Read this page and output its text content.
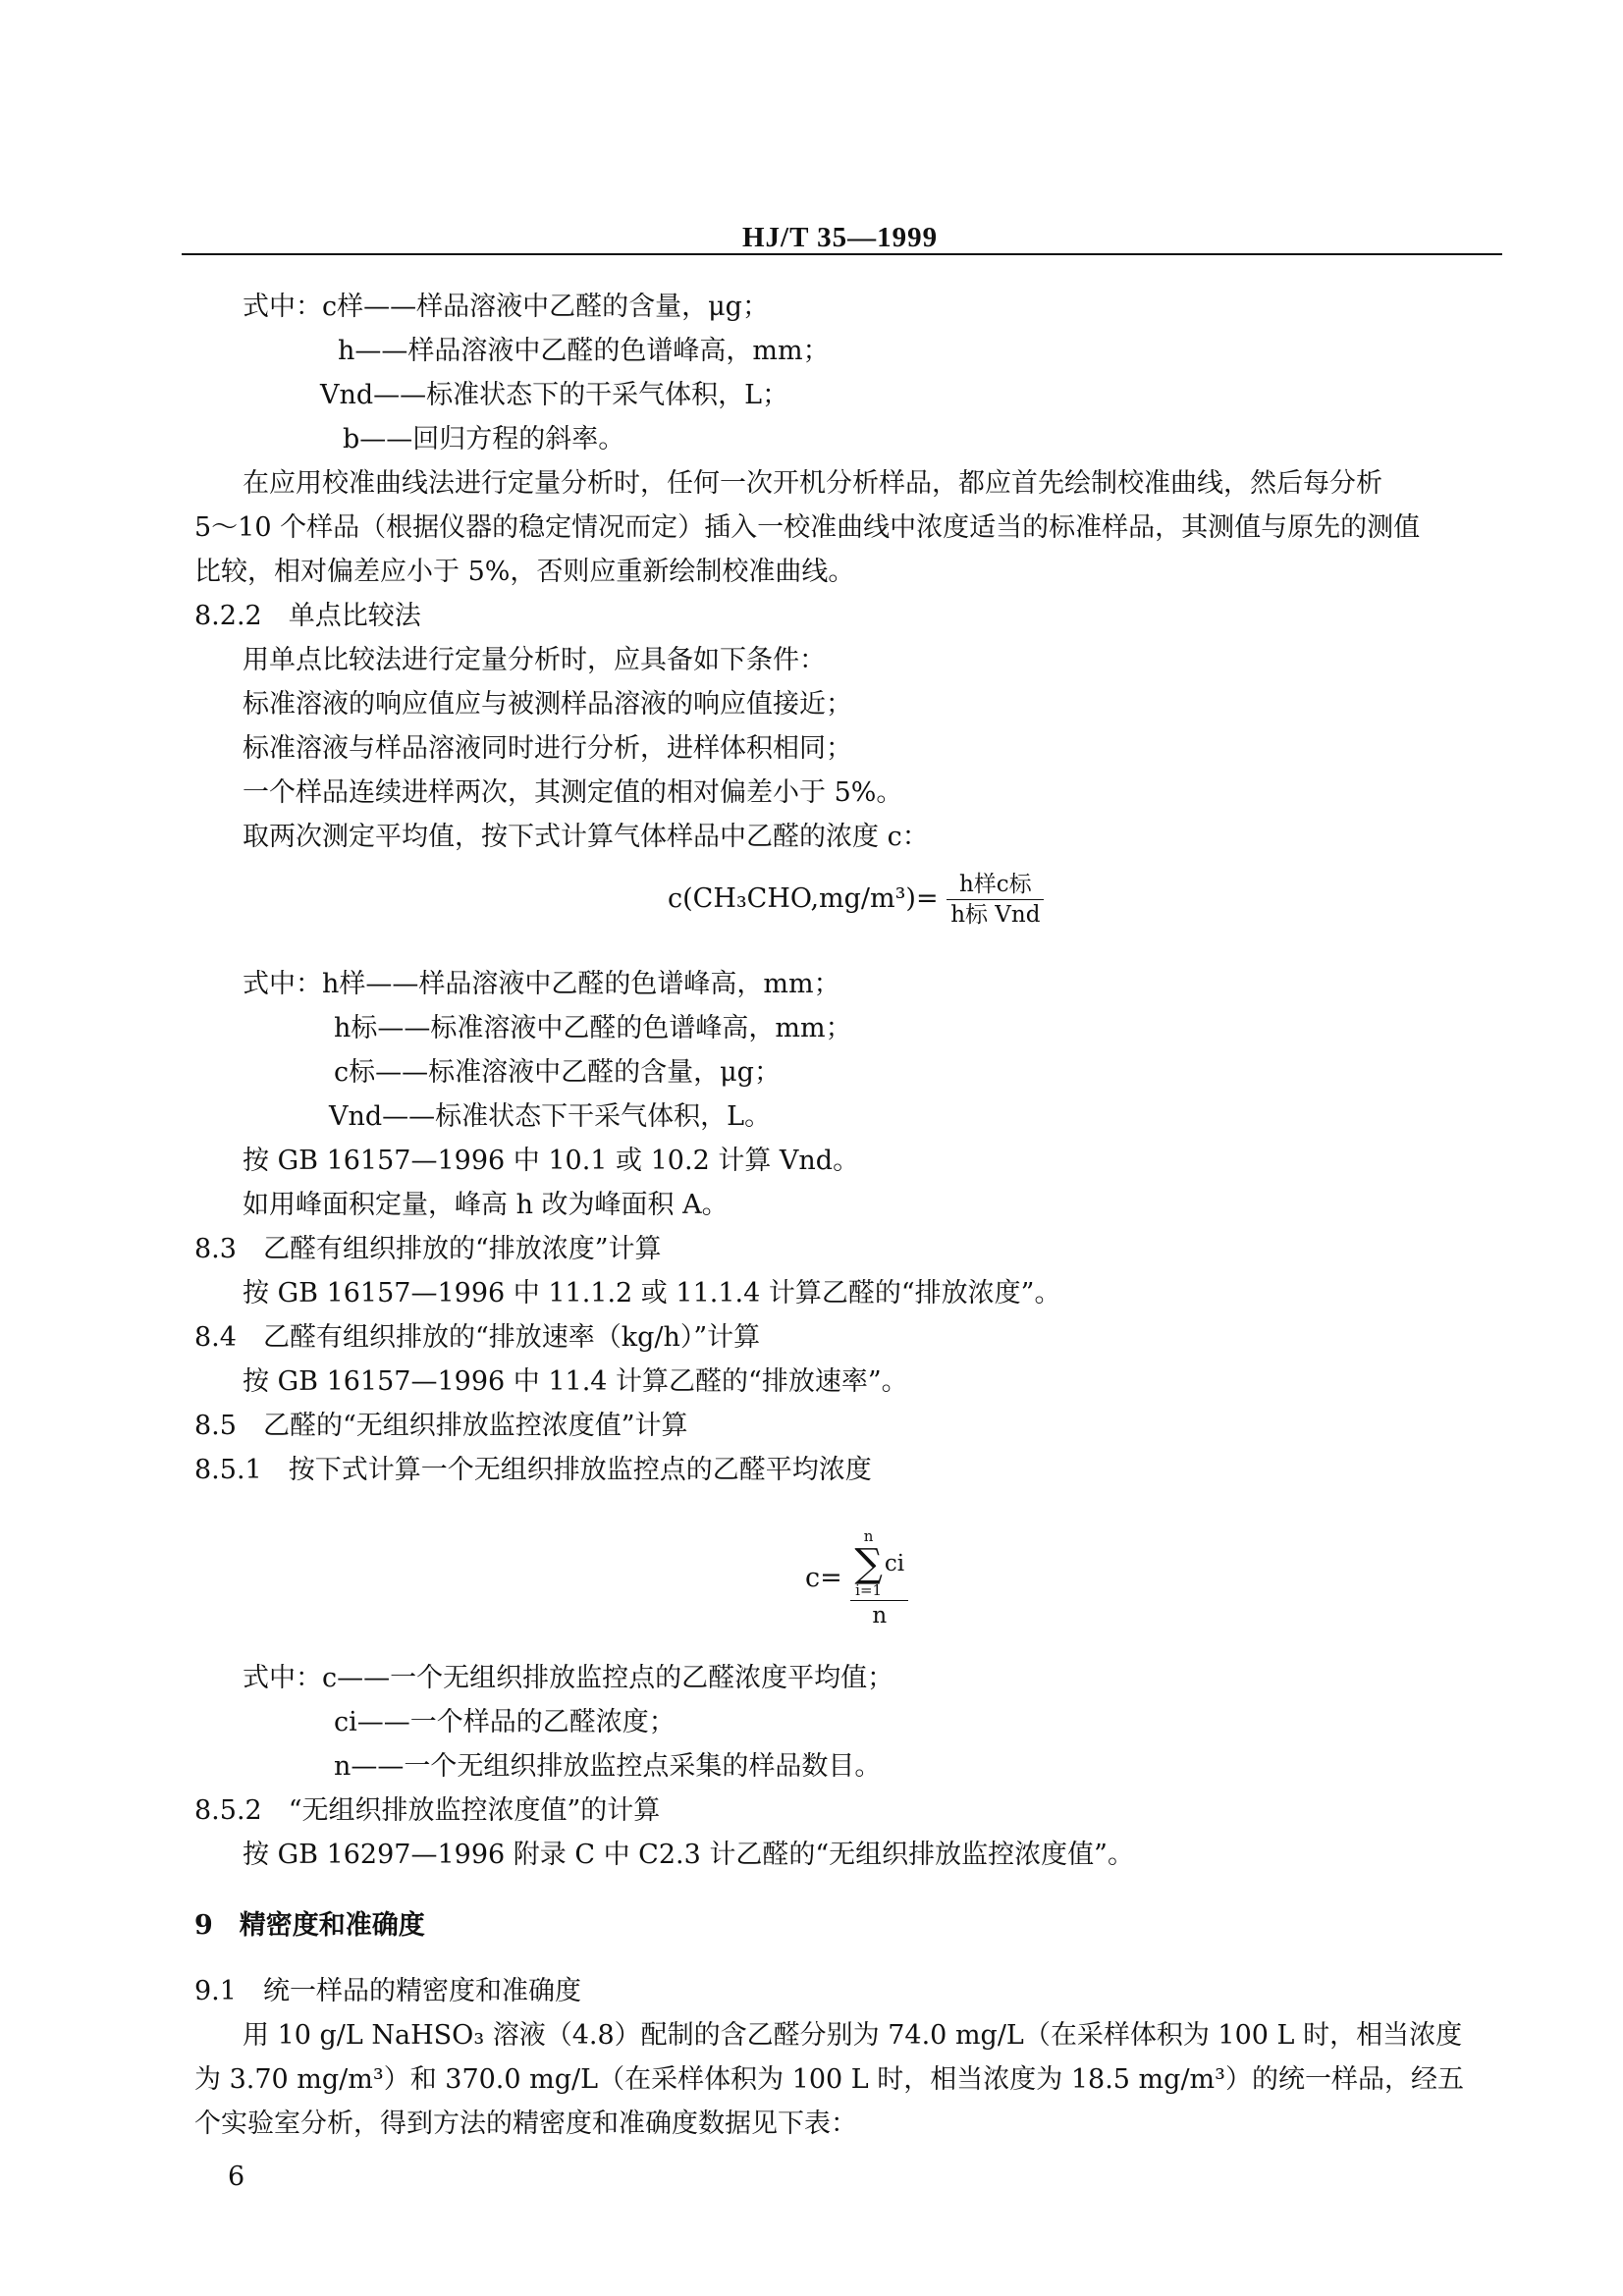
HJ/T 35—1999
式中：c样——样品溶液中乙醛的含量，μg；
h——样品溶液中乙醛的色谱峰高，mm；
Vnd——标准状态下的干采气体积，L；
b——回归方程的斜率。
在应用校准曲线法进行定量分析时，任何一次开机分析样品，都应首先绘制校准曲线，然后每分析
5～10 个样品（根据仪器的稳定情况而定）插入一校准曲线中浓度适当的标准样品，其测值与原先的测值
比较，相对偏差应小于 5%，否则应重新绘制校准曲线。
8.2.2　单点比较法
用单点比较法进行定量分析时，应具备如下条件：
标准溶液的响应值应与被测样品溶液的响应值接近；
标准溶液与样品溶液同时进行分析，进样体积相同；
一个样品连续进样两次，其测定值的相对偏差小于 5%。
取两次测定平均值，按下式计算气体样品中乙醛的浓度 c：
$c(CH_3CHO,mg/m^3)= \frac{\text{h样c标}}{\text{h标 Vnd}}$
式中：h样——样品溶液中乙醛的色谱峰高，mm；
h标——标准溶液中乙醛的色谱峰高，mm；
c标——标准溶液中乙醛的含量，μg；
Vnd——标准状态下干采气体积，L。
按 GB 16157—1996 中 10.1 或 10.2 计算 Vnd。
如用峰面积定量，峰高 h 改为峰面积 A。
8.3　乙醛有组织排放的“排放浓度”计算
按 GB 16157—1996 中 11.1.2 或 11.1.4 计算乙醛的“排放浓度”。
8.4　乙醛有组织排放的“排放速率（kg/h）”计算
按 GB 16157—1996 中 11.4 计算乙醛的“排放速率”。
8.5　乙醛的“无组织排放监控浓度值”计算
8.5.1　按下式计算一个无组织排放监控点的乙醛平均浓度
c= n
∑
i=1
ci
n
式中：c——一个无组织排放监控点的乙醛浓度平均值；
ci——一个样品的乙醛浓度；
n——一个无组织排放监控点采集的样品数目。
8.5.2　“无组织排放监控浓度值”的计算
按 GB 16297—1996 附录 C 中 C2.3 计乙醛的“无组织排放监控浓度值”。
9　精密度和准确度
9.1　统一样品的精密度和准确度
用 10 g/L NaHSO₃ 溶液（4.8）配制的含乙醛分别为 74.0 mg/L（在采样体积为 100 L 时，相当浓度
为 3.70 mg/m³）和 370.0 mg/L（在采样体积为 100 L 时，相当浓度为 18.5 mg/m³）的统一样品，经五
个实验室分析，得到方法的精密度和准确度数据见下表：
6
